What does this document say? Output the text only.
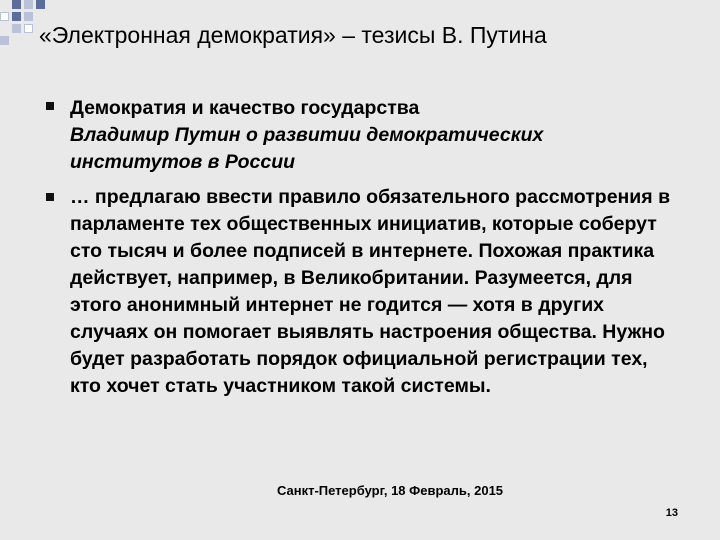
«Электронная демократия» – тезисы В. Путина
Демократия и качество государства
Владимир Путин о развитии демократических институтов в России
… предлагаю ввести правило обязательного рассмотрения в парламенте тех общественных инициатив, которые соберут сто тысяч и более подписей в интернете. Похожая практика действует, например, в Великобритании. Разумеется, для этого анонимный интернет не годится — хотя в других случаях он помогает выявлять настроения общества. Нужно будет разработать порядок официальной регистрации тех, кто хочет стать участником такой системы.
Санкт-Петербург, 18 Февраль, 2015
13
